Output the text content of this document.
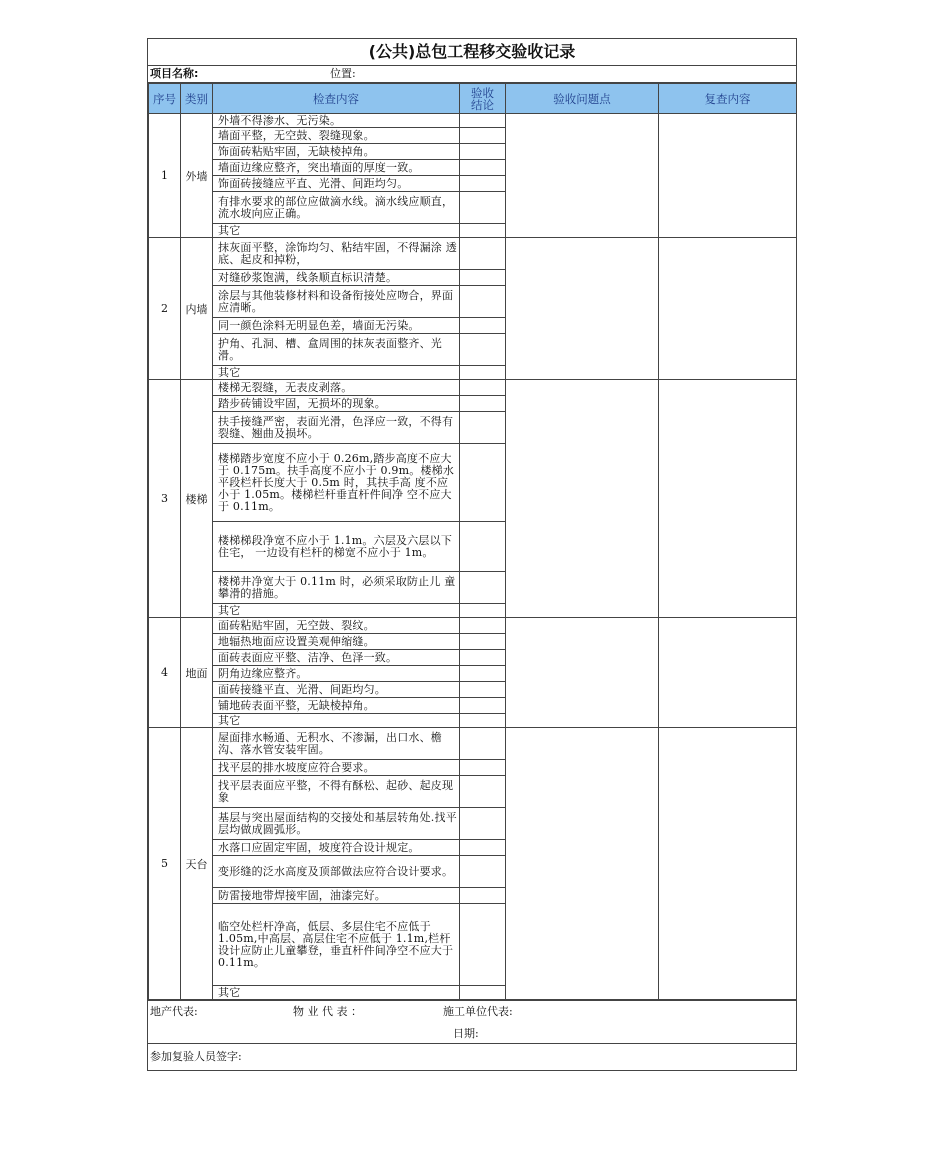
(公共)总包工程移交验收记录
项目名称:	位置:
序号	类别	检查内容	验收结论	验收问题点	复查内容
1	外墙	外墙不得渗水、无污染。			
		墙面平整，无空鼓、裂缝现象。			
		饰面砖粘贴牢固，无缺棱掉角。			
		墙面边缘应整齐，突出墙面的厚度一致。			
		饰面砖接缝应平直、光滑、间距均匀。			
		有排水要求的部位应做滴水线。滴水线应顺直，流水坡向应正确。			
		其它			
2	内墙	抹灰面平整，涂饰均匀、粘结牢固，不得漏涂 透底、起皮和掉粉，			
		对缝砂浆饱满，线条顺直标识清楚。			
		涂层与其他装修材料和设备衔接处应吻合，界面应清晰。			
		同一颜色涂料无明显色差，墙面无污染。			
		护角、孔洞、槽、盒周围的抹灰表面整齐、光滑。			
		其它			
3	楼梯	楼梯无裂缝，无表皮剥落。			
		踏步砖铺设牢固，无损坏的现象。			
		扶手接缝严密，表面光滑，色泽应一致，不得有裂缝、翘曲及损坏。			
		楼梯踏步宽度不应小于 0.26m,踏步高度不应大于 0.175m。扶手高度不应小于 0.9m。楼梯水平段栏杆长度大于 0.5m 时，其扶手高 度不应小于 1.05m。楼梯栏杆垂直杆件间净 空不应大于 0.11m。			
		楼梯梯段净宽不应小于 1.1m。六层及六层以下住宅， 一边设有栏杆的梯宽不应小于 1m。			
		楼梯井净宽大于 0.11m 时，必须采取防止儿 童攀滑的措施。			
		其它			
4	地面	面砖粘贴牢固，无空鼓、裂纹。			
		地辐热地面应设置美观伸缩缝。			
		面砖表面应平整、洁净、色泽一致。			
		阴角边缘应整齐。			
		面砖接缝平直、光滑、间距均匀。			
		铺地砖表面平整，无缺棱掉角。			
		其它			
5	天台	屋面排水畅通、无积水、不渗漏，出口水、檐沟、落水管安装牢固。			
		找平层的排水坡度应符合要求。			
		找平层表面应平整，不得有酥松、起砂、起皮现象			
		基层与突出屋面结构的交接处和基层转角处.找平层均做成圆弧形。			
		水落口应固定牢固，坡度符合设计规定。			
		变形缝的泛水高度及顶部做法应符合设计要求。			
		防雷接地带焊接牢固，油漆完好。			
		临空处栏杆净高，低层、多层住宅不应低于1.05m,中高层、高层住宅不应低于 1.1m,栏杆设计应防止儿童攀登，垂直杆件间净空不应大于 0.11m。			
		其它			
地产代表:	物 业 代 表 ：	施工单位代表:
日期:
参加复验人员签字:
